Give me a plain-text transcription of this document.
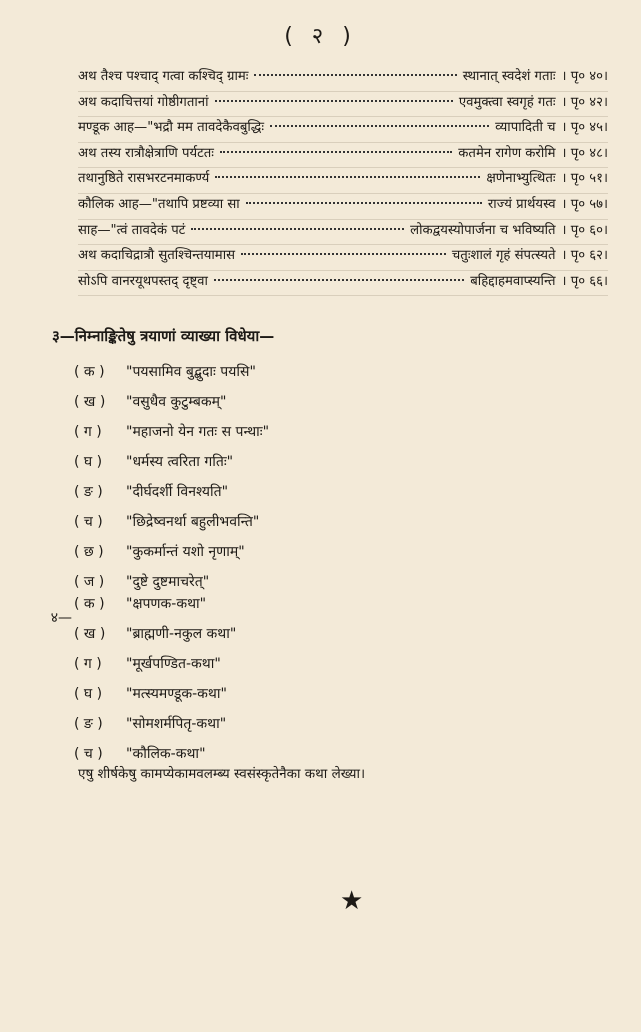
( २ )
अथ तैश्च पश्चाद् गत्वा कश्चिद् ग्रामः	स्थानात् स्वदेशं गताः । पृ० ४०।
अथ कदाचित्तयां गोष्ठीगतानां	एवमुक्त्वा स्वगृहं गतः । पृ० ४२।
मण्डूक आह—"भद्रौ मम तावदेकैवबुद्धिः	व्यापादिती च । पृ० ४५।
अथ तस्य रात्रौक्षेत्राणि पर्यटतः	कतमेन रागेण करोमि । पृ० ४८।
तथानुष्ठिते रासभरटनमाकर्ण्य	क्षणेनाभ्युत्थितः । पृ० ५१।
कौलिक आह—"तथापि प्रष्टव्या सा	राज्यं प्रार्थयस्व । पृ० ५७।
साह—"त्वं तावदेकं पटं	लोकद्वयस्योपार्जना च भविष्यति । पृ० ६०।
अथ कदाचिद्रात्रौ सुतश्चिन्तयामास	चतुःशालं गृहं संपत्स्यते । पृ० ६२।
सोऽपि वानरयूथपस्तद् दृष्ट्वा	बहिद्दाहमवाप्स्यन्ति । पृ० ६६।
३—निम्नाङ्कितेषु त्रयाणां व्याख्या विधेया—
( क )	"पयसामिव बुद्बुदाः पयसि"
( ख )	"वसुधैव कुटुम्बकम्"
( ग )	"महाजनो येन गतः स पन्थाः"
( घ )	"धर्मस्य त्वरिता गतिः"
( ङ )	"दीर्घदर्शी विनश्यति"
( च )	"छिद्रेष्वनर्था बहुलीभवन्ति"
( छ )	"कुकर्मान्तं यशो नृणाम्"
( ज )	"दुष्टे दुष्टमाचरेत्"
४—
( क )	"क्षपणक-कथा"
( ख )	"ब्राह्मणी-नकुल कथा"
( ग )	"मूर्खपण्डित-कथा"
( घ )	"मत्स्यमण्डूक-कथा"
( ङ )	"सोमशर्मपितृ-कथा"
( च )	"कौलिक-कथा"
एषु शीर्षकेषु कामप्येकामवलम्ब्य स्वसंस्कृतेनैका कथा लेख्या।
★
